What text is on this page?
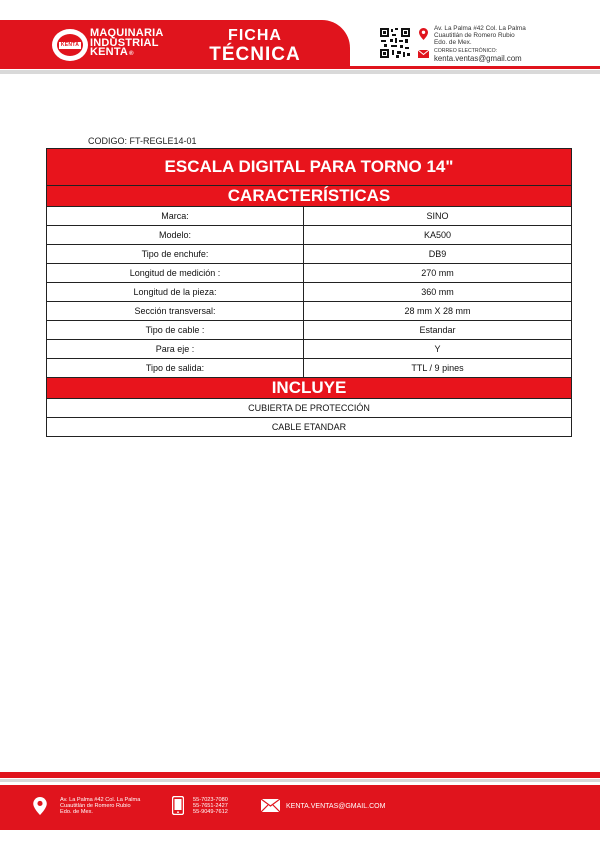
KENTA
MAQUINARIA
INDUSTRIAL
KENTA®
FICHA
TÉCNICA
Av. La Palma #42 Col. La Palma
Cuautitlán de Romero Rubio
Edo. de Mex.
CORREO ELECTRÓNICO:
kenta.ventas@gmail.com
CODIGO: FT-REGLE14-01
ESCALA DIGITAL PARA TORNO 14"	
CARACTERÍSTICAS	
Marca:	SINO
Modelo:	KA500
Tipo de enchufe:	DB9
Longitud de medición :	270 mm
Longitud de la pieza:	360 mm
Sección transversal:	28 mm X 28 mm
Tipo de cable :	Estandar
Para eje :	Y
Tipo de salida:	TTL / 9 pines
INCLUYE	
CUBIERTA DE PROTECCIÓN	
CABLE ETANDAR	
Av. La Palma #42 Col. La Palma
Cuautitlán de Romero Rubio
Edo. de Mex.
55-7023-7080
55-7651-2427
55-9049-7612
KENTA.VENTAS@GMAIL.COM
